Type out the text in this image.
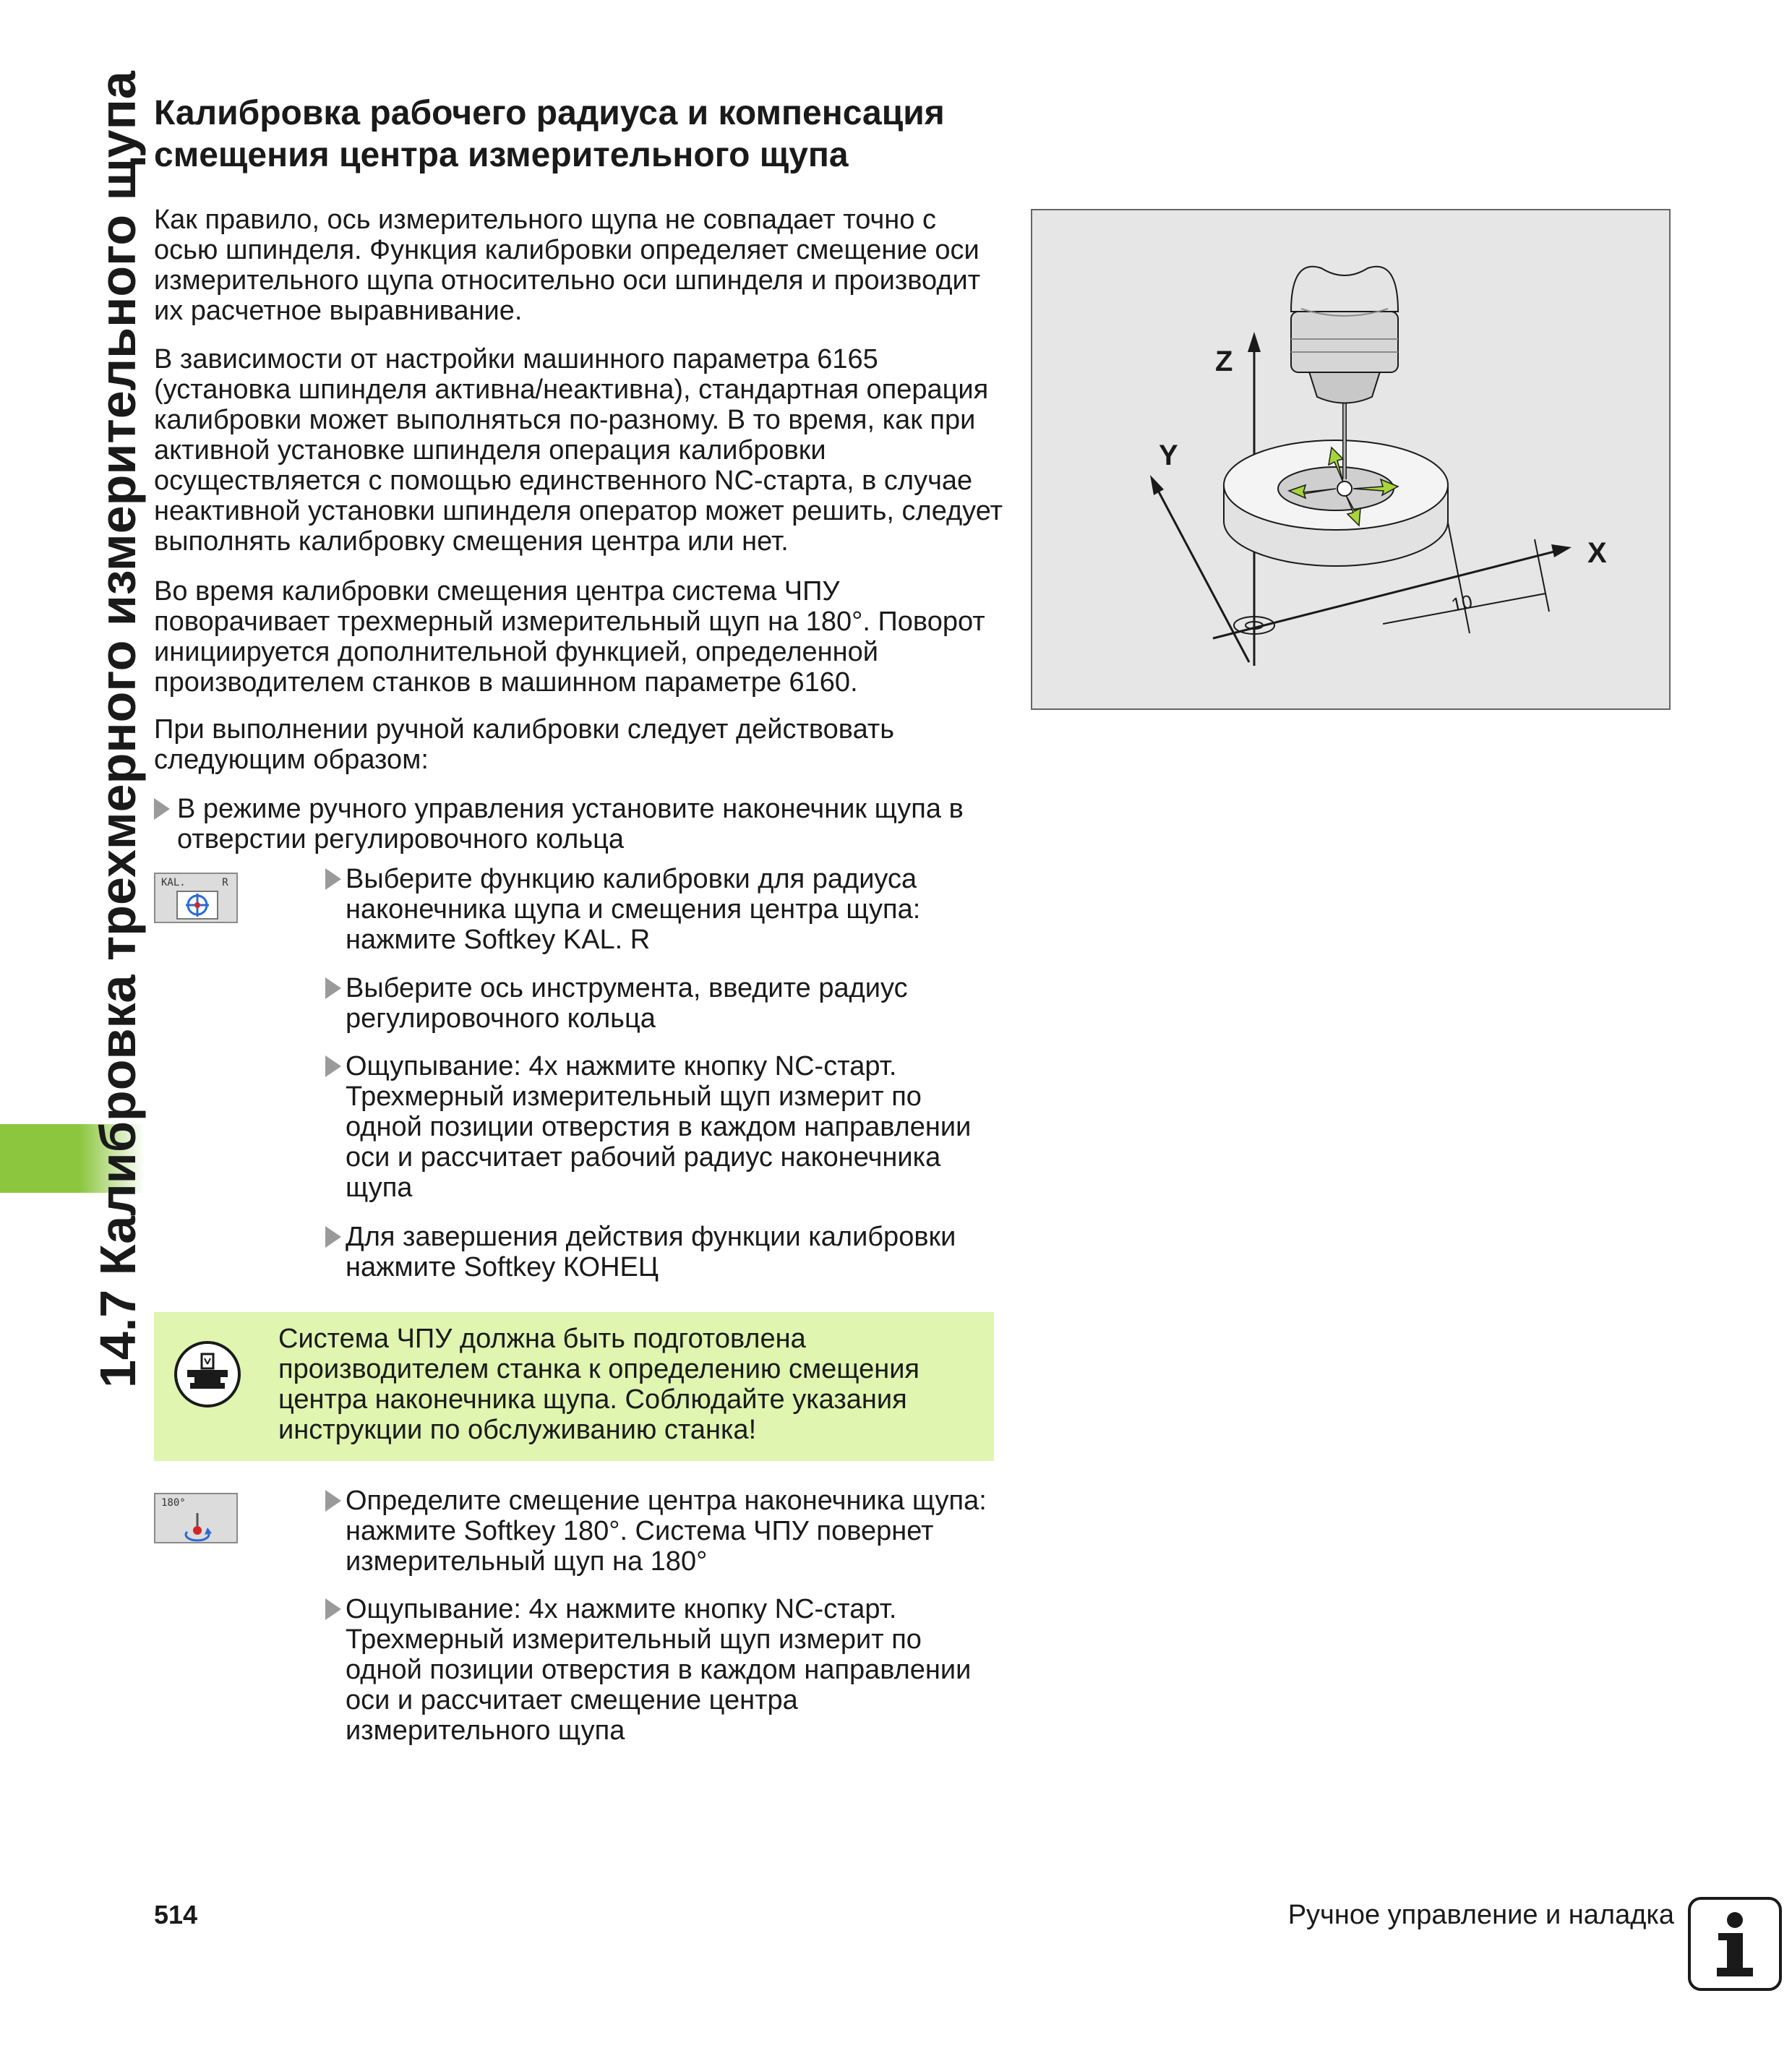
14.7 Калибровка трехмерного измерительного щупа Калибровка рабочего радиуса и компенсация смещения центра измерительного щупа

Как правило, ось измерительного щупа не совпадает точно с осью шпинделя. Функция калибровки определяет смещение оси измерительного щупа относительно оси шпинделя и производит их расчетное выравнивание.

В зависимости от настройки машинного параметра 6165 (установка шпинделя активна/неактивна), стандартная операция калибровки может выполняться по-разному. В то время, как при активной установке шпинделя операция калибровки осуществляется с помощью единственного NC-старта, в случае неактивной установки шпинделя оператор может решить, следует выполнять калибровку смещения центра или нет.

Во время калибровки смещения центра система ЧПУ поворачивает трехмерный измерительный щуп на 180°. Поворот инициируется дополнительной функцией, определенной производителем станков в машинном параметре 6160.

При выполнении ручной калибровки следует действовать следующим образом:

В режиме ручного управления установите наконечник щупа в отверстии регулировочного кольца
KAL.      R	Выберите функцию калибровки для радиуса наконечника щупа и смещения центра щупа: нажмите Softkey KAL. R
Выберите ось инструмента, введите радиус регулировочного кольца
Ощупывание: 4x нажмите кнопку NC-старт. Трехмерный измерительный щуп измерит по одной позиции отверстия в каждом направлении оси и рассчитает рабочий радиус наконечника щупа
Для завершения действия функции калибровки нажмите Softkey КОНЕЦ

Система ЧПУ должна быть подготовлена производителем станка к определению смещения центра наконечника щупа. Соблюдайте указания инструкции по обслуживанию станка!

180°	Определите смещение центра наконечника щупа: нажмите Softkey 180°. Система ЧПУ повернет измерительный щуп на 180°
Ощупывание: 4x нажмите кнопку NC-старт. Трехмерный измерительный щуп измерит по одной позиции отверстия в каждом направлении оси и рассчитает смещение центра измерительного щупа
Z
Y
X
10
514	Ручное управление и наладка
